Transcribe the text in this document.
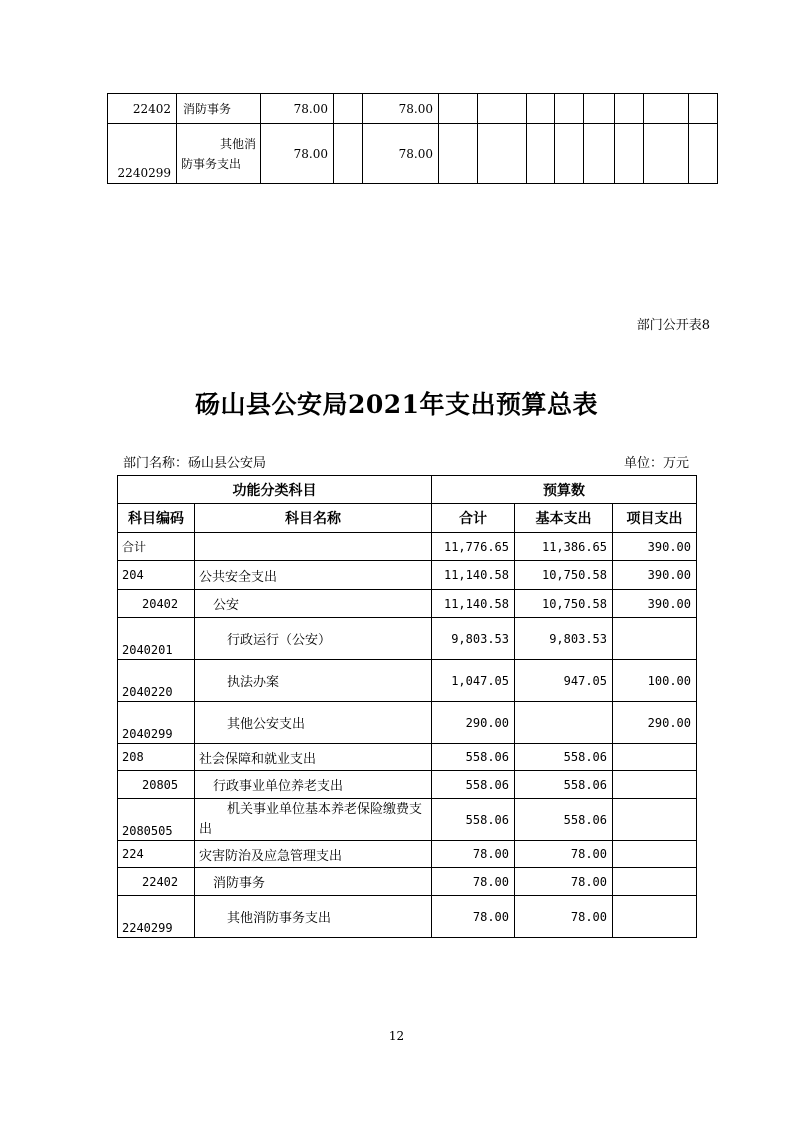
22402	消防事务	78.00		78.00								
2240299	其他消
防事务支出	78.00		78.00								
部门公开表8
砀山县公安局2021年支出预算总表
部门名称：砀山县公安局	单位：万元
功能分类科目		预算数		
科目编码	科目名称	合计	基本支出	项目支出
合计		11,776.65	11,386.65	390.00
204	公共安全支出	11,140.58	10,750.58	390.00
20402	公安	11,140.58	10,750.58	390.00
2040201	行政运行（公安）	9,803.53	9,803.53	
2040220	执法办案	1,047.05	947.05	100.00
2040299	其他公安支出	290.00		290.00
208	社会保障和就业支出	558.06	558.06	
20805	行政事业单位养老支出	558.06	558.06	
2080505	机关事业单位基本养老保险缴费支出	558.06	558.06	
224	灾害防治及应急管理支出	78.00	78.00	
22402	消防事务	78.00	78.00	
2240299	其他消防事务支出	78.00	78.00	
12
